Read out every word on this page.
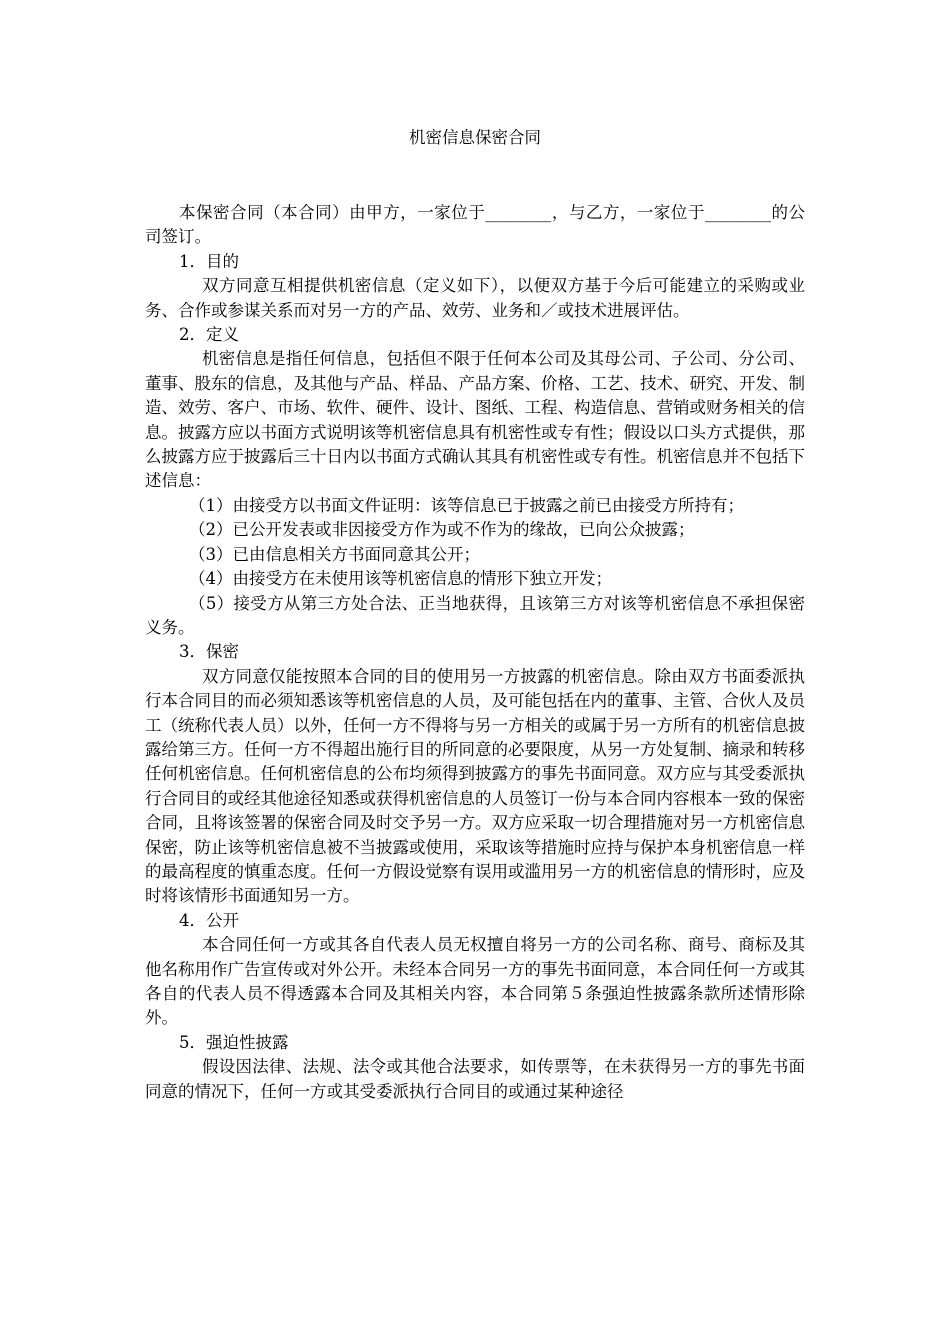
机密信息保密合同

本保密合同（本合同）由甲方，一家位于________，与乙方，一家位于________的公司签订。

1．目的

双方同意互相提供机密信息（定义如下），以便双方基于今后可能建立的采购或业务、合作或参谋关系而对另一方的产品、效劳、业务和／或技术进展评估。

2．定义

机密信息是指任何信息，包括但不限于任何本公司及其母公司、子公司、分公司、董事、股东的信息，及其他与产品、样品、产品方案、价格、工艺、技术、研究、开发、制造、效劳、客户、市场、软件、硬件、设计、图纸、工程、构造信息、营销或财务相关的信息。披露方应以书面方式说明该等机密信息具有机密性或专有性；假设以口头方式提供，那么披露方应于披露后三十日内以书面方式确认其具有机密性或专有性。机密信息并不包括下述信息：

（1）由接受方以书面文件证明：该等信息已于披露之前已由接受方所持有；

（2）已公开发表或非因接受方作为或不作为的缘故，已向公众披露；

（3）已由信息相关方书面同意其公开；

（4）由接受方在未使用该等机密信息的情形下独立开发；

（5）接受方从第三方处合法、正当地获得，且该第三方对该等机密信息不承担保密义务。

3．保密

双方同意仅能按照本合同的目的使用另一方披露的机密信息。除由双方书面委派执行本合同目的而必须知悉该等机密信息的人员，及可能包括在内的董事、主管、合伙人及员工（统称代表人员）以外，任何一方不得将与另一方相关的或属于另一方所有的机密信息披露给第三方。任何一方不得超出施行目的所同意的必要限度，从另一方处复制、摘录和转移任何机密信息。任何机密信息的公布均须得到披露方的事先书面同意。双方应与其受委派执行合同目的或经其他途径知悉或获得机密信息的人员签订一份与本合同内容根本一致的保密合同，且将该签署的保密合同及时交予另一方。双方应采取一切合理措施对另一方机密信息保密，防止该等机密信息被不当披露或使用，采取该等措施时应持与保护本身机密信息一样的最高程度的慎重态度。任何一方假设觉察有误用或滥用另一方的机密信息的情形时，应及时将该情形书面通知另一方。

4．公开

本合同任何一方或其各自代表人员无权擅自将另一方的公司名称、商号、商标及其他名称用作广告宣传或对外公开。未经本合同另一方的事先书面同意，本合同任何一方或其各自的代表人员不得透露本合同及其相关内容，本合同第５条强迫性披露条款所述情形除外。

5．强迫性披露

假设因法律、法规、法令或其他合法要求，如传票等，在未获得另一方的事先书面同意的情况下，任何一方或其受委派执行合同目的或通过某种途径
